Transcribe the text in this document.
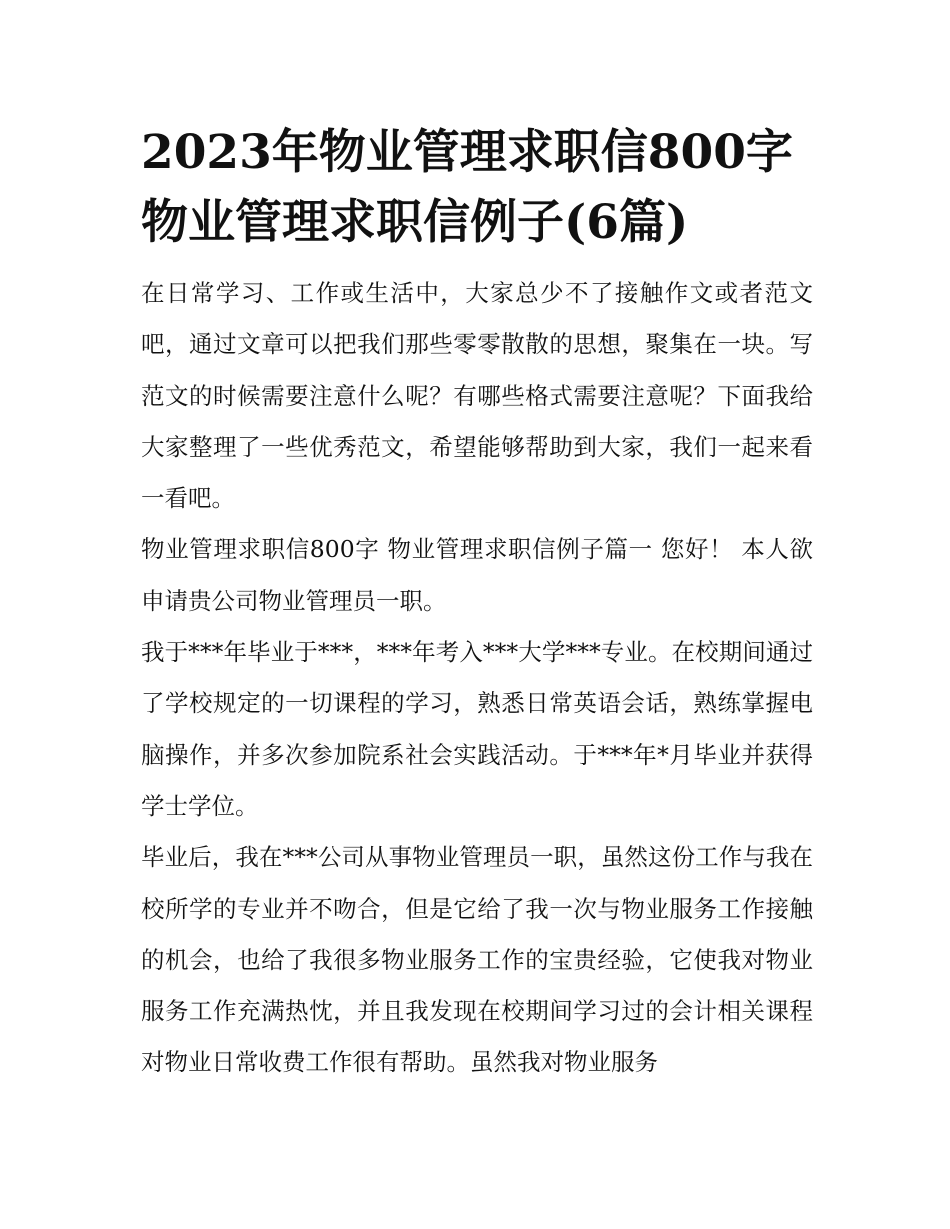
2023年物业管理求职信800字
物业管理求职信例子(6篇)

在日常学习、工作或生活中，大家总少不了接触作文或者范文吧，通过文章可以把我们那些零零散散的思想，聚集在一块。写范文的时候需要注意什么呢？有哪些格式需要注意呢？下面我给大家整理了一些优秀范文，希望能够帮助到大家，我们一起来看一看吧。

物业管理求职信800字 物业管理求职信例子篇一 您好！ 本人欲申请贵公司物业管理员一职。

我于***年毕业于***，***年考入***大学***专业。在校期间通过了学校规定的一切课程的学习，熟悉日常英语会话，熟练掌握电脑操作，并多次参加院系社会实践活动。于***年*月毕业并获得学士学位。

毕业后，我在***公司从事物业管理员一职，虽然这份工作与我在校所学的专业并不吻合，但是它给了我一次与物业服务工作接触的机会，也给了我很多物业服务工作的宝贵经验，它使我对物业服务工作充满热忱，并且我发现在校期间学习过的会计相关课程对物业日常收费工作很有帮助。虽然我对物业服务
